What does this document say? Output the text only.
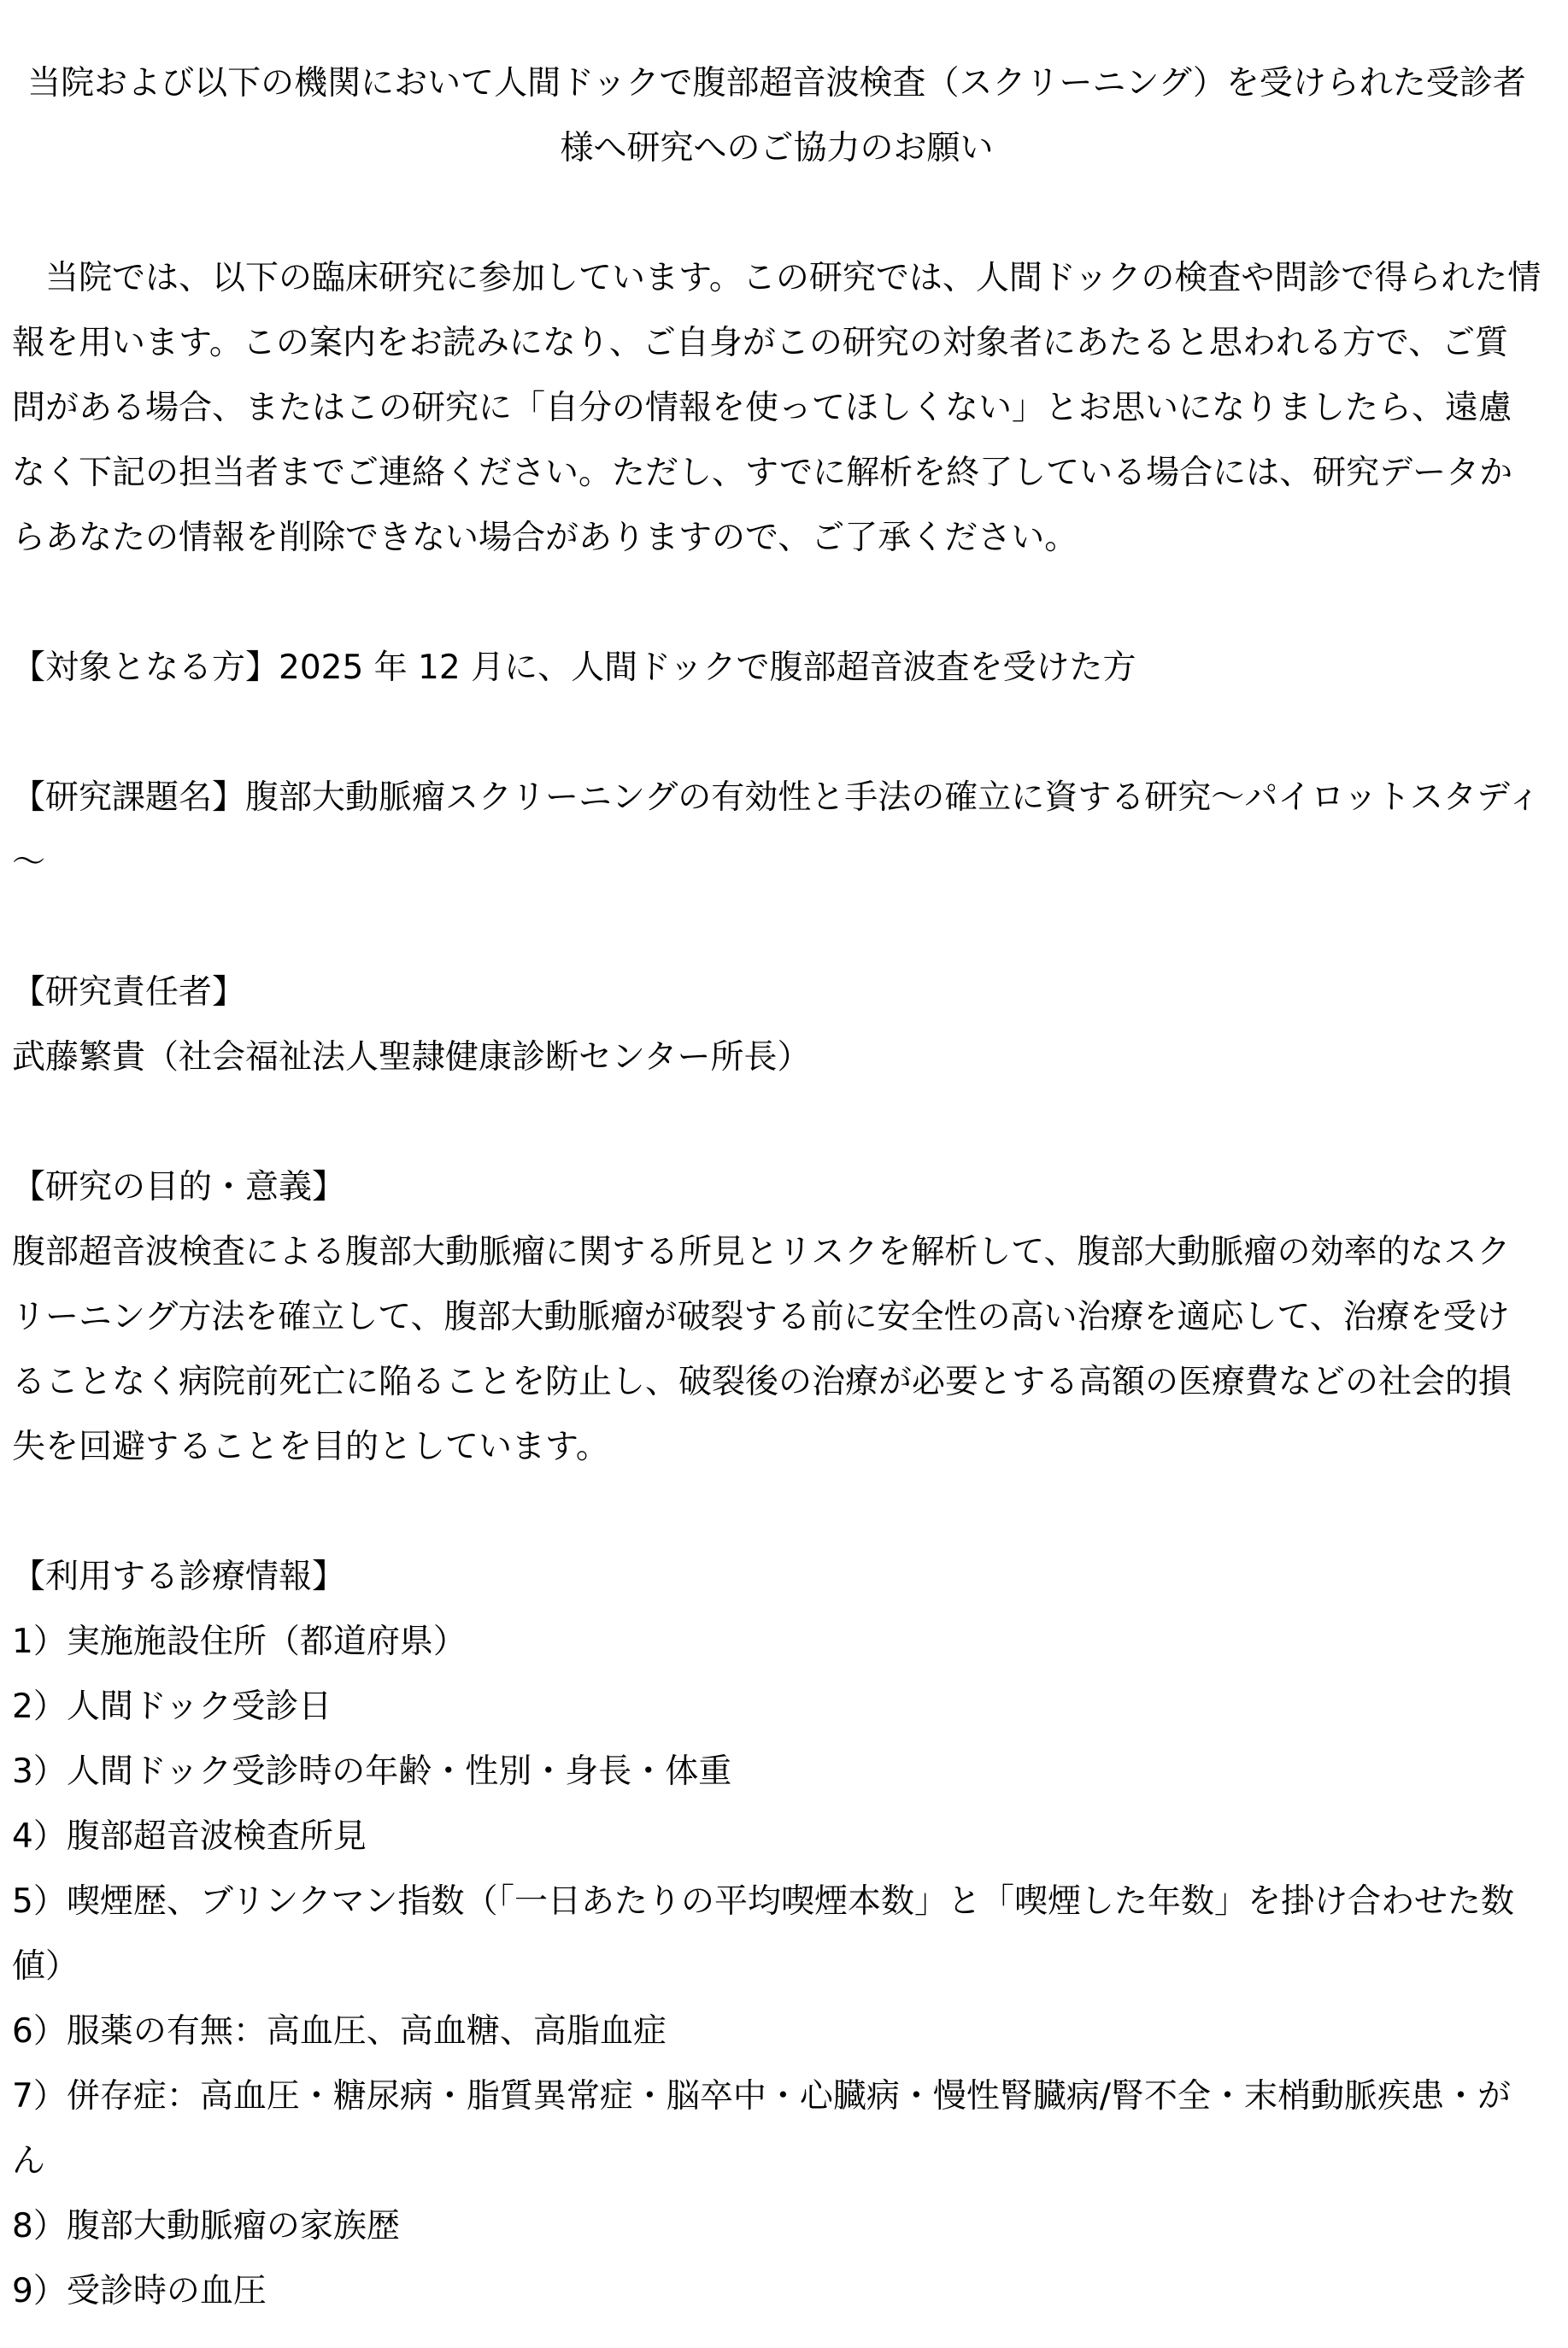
当院および以下の機関において人間ドックで腹部超音波検査（スクリーニング）を受けられた受診者様へ研究へのご協力のお願い

当院では、以下の臨床研究に参加しています。この研究では、人間ドックの検査や問診で得られた情報を用います。この案内をお読みになり、ご自身がこの研究の対象者にあたると思われる方で、ご質問がある場合、またはこの研究に「自分の情報を使ってほしくない」とお思いになりましたら、遠慮なく下記の担当者までご連絡ください。ただし、すでに解析を終了している場合には、研究データからあなたの情報を削除できない場合がありますので、ご了承ください。

【対象となる方】2025 年 12 月に、人間ドックで腹部超音波査を受けた方

【研究課題名】腹部大動脈瘤スクリーニングの有効性と手法の確立に資する研究～パイロットスタディ～

【研究責任者】

武藤繁貴（社会福祉法人聖隷健康診断センター所長）

【研究の目的・意義】

腹部超音波検査による腹部大動脈瘤に関する所見とリスクを解析して、腹部大動脈瘤の効率的なスクリーニング方法を確立して、腹部大動脈瘤が破裂する前に安全性の高い治療を適応して、治療を受けることなく病院前死亡に陥ることを防止し、破裂後の治療が必要とする高額の医療費などの社会的損失を回避することを目的としています。

【利用する診療情報】

1）実施施設住所（都道府県）

2）人間ドック受診日

3）人間ドック受診時の年齢・性別・身長・体重

4）腹部超音波検査所見

5）喫煙歴、ブリンクマン指数（「一日あたりの平均喫煙本数」と「喫煙した年数」を掛け合わせた数値）

6）服薬の有無：高血圧、高血糖、高脂血症

7）併存症：高血圧・糖尿病・脂質異常症・脳卒中・心臓病・慢性腎臓病/腎不全・末梢動脈疾患・がん

8）腹部大動脈瘤の家族歴

9）受診時の血圧
